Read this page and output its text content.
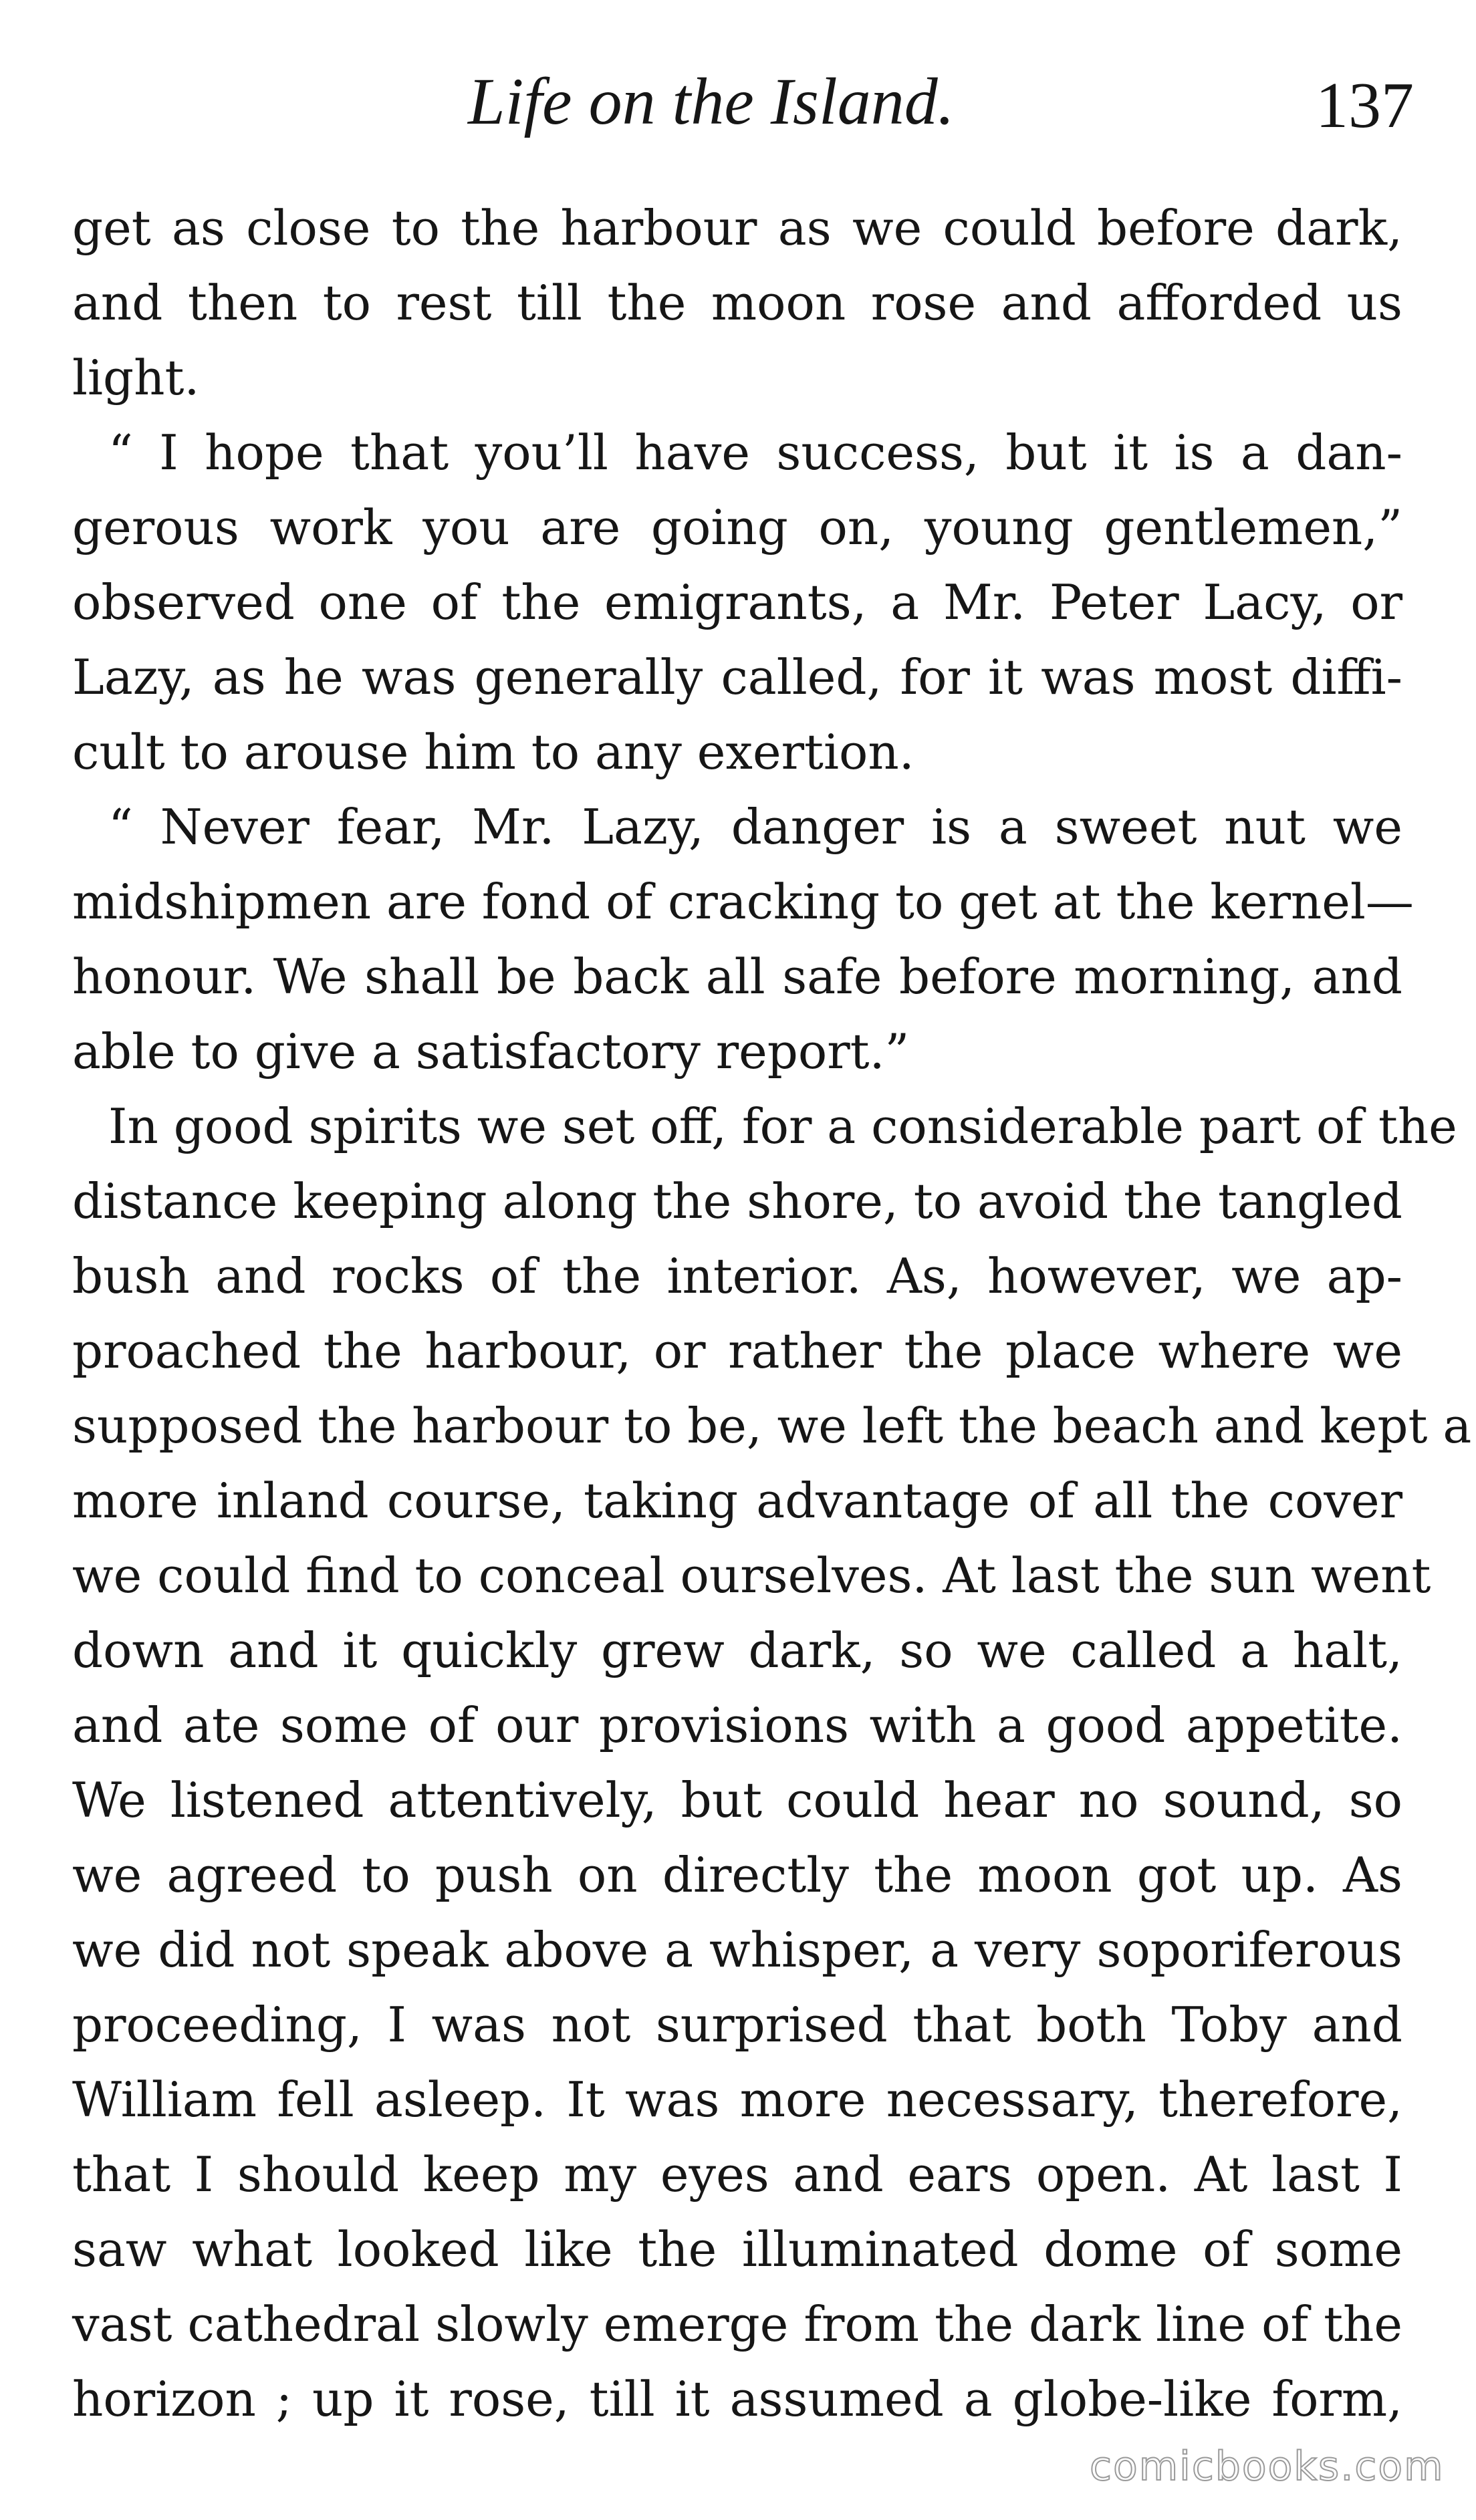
Life on the Island.	137
get as close to the harbour as we could before dark,
and then to rest till the moon rose and afforded us
light.
“ I hope that you’ll have success, but it is a dan-
gerous work you are going on, young gentlemen,”
observed one of the emigrants, a Mr. Peter Lacy, or
Lazy, as he was generally called, for it was most diffi-
cult to arouse him to any exertion.
“ Never fear, Mr. Lazy, danger is a sweet nut we
midshipmen are fond of cracking to get at the kernel—
honour. We shall be back all safe before morning, and
able to give a satisfactory report.”
In good spirits we set off, for a considerable part of the
distance keeping along the shore, to avoid the tangled
bush and rocks of the interior. As, however, we ap-
proached the harbour, or rather the place where we
supposed the harbour to be, we left the beach and kept a
more inland course, taking advantage of all the cover
we could find to conceal ourselves. At last the sun went
down and it quickly grew dark, so we called a halt,
and ate some of our provisions with a good appetite.
We listened attentively, but could hear no sound, so
we agreed to push on directly the moon got up. As
we did not speak above a whisper, a very soporiferous
proceeding, I was not surprised that both Toby and
William fell asleep. It was more necessary, therefore,
that I should keep my eyes and ears open. At last I
saw what looked like the illuminated dome of some
vast cathedral slowly emerge from the dark line of the
horizon ; up it rose, till it assumed a globe-like form,
comicbooks.com
